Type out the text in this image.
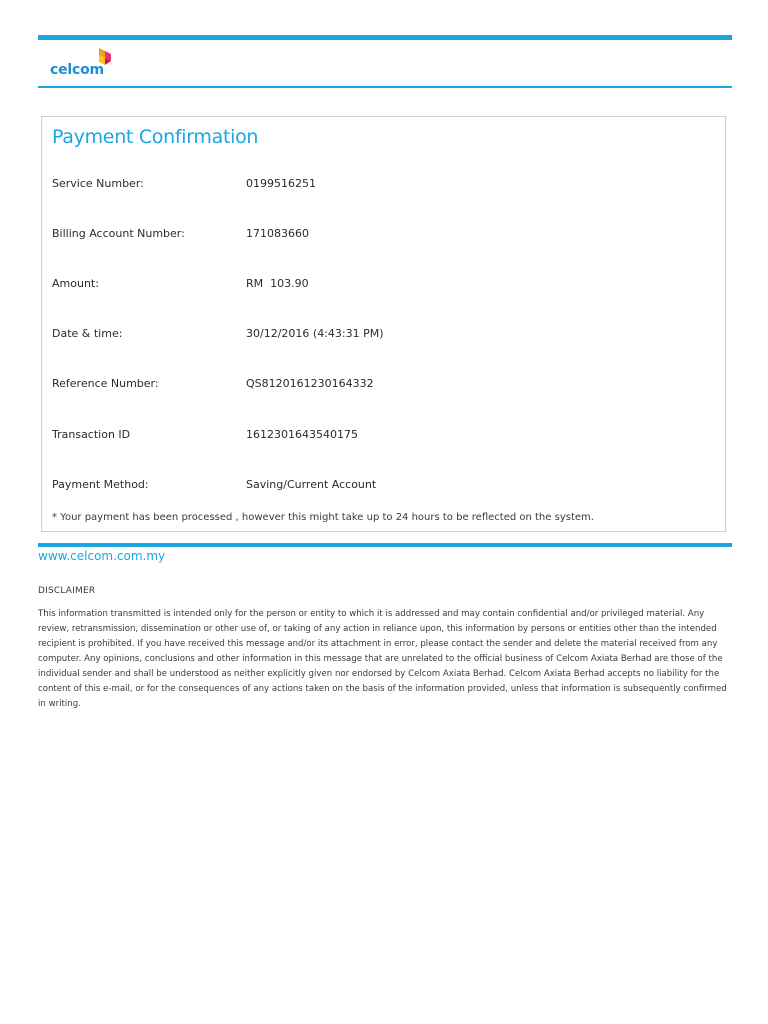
celcom
Payment Confirmation
Service Number:	0199516251
Billing Account Number:	171083660
Amount:	RM  103.90
Date & time:	30/12/2016 (4:43:31 PM)
Reference Number:	QS8120161230164332
Transaction ID	1612301643540175
Payment Method:	Saving/Current Account
* Your payment has been processed , however this might take up to 24 hours to be reflected on the system.
www.celcom.com.my
DISCLAIMER
This information transmitted is intended only for the person or entity to which it is addressed and may contain confidential and/or privileged material. Any review, retransmission, dissemination or other use of, or taking of any action in reliance upon, this information by persons or entities other than the intended recipient is prohibited. If you have received this message and/or its attachment in error, please contact the sender and delete the material received from any computer. Any opinions, conclusions and other information in this message that are unrelated to the official business of Celcom Axiata Berhad are those of the individual sender and shall be understood as neither explicitly given nor endorsed by Celcom Axiata Berhad. Celcom Axiata Berhad accepts no liability for the content of this e-mail, or for the consequences of any actions taken on the basis of the information provided, unless that information is subsequently confirmed in writing.
